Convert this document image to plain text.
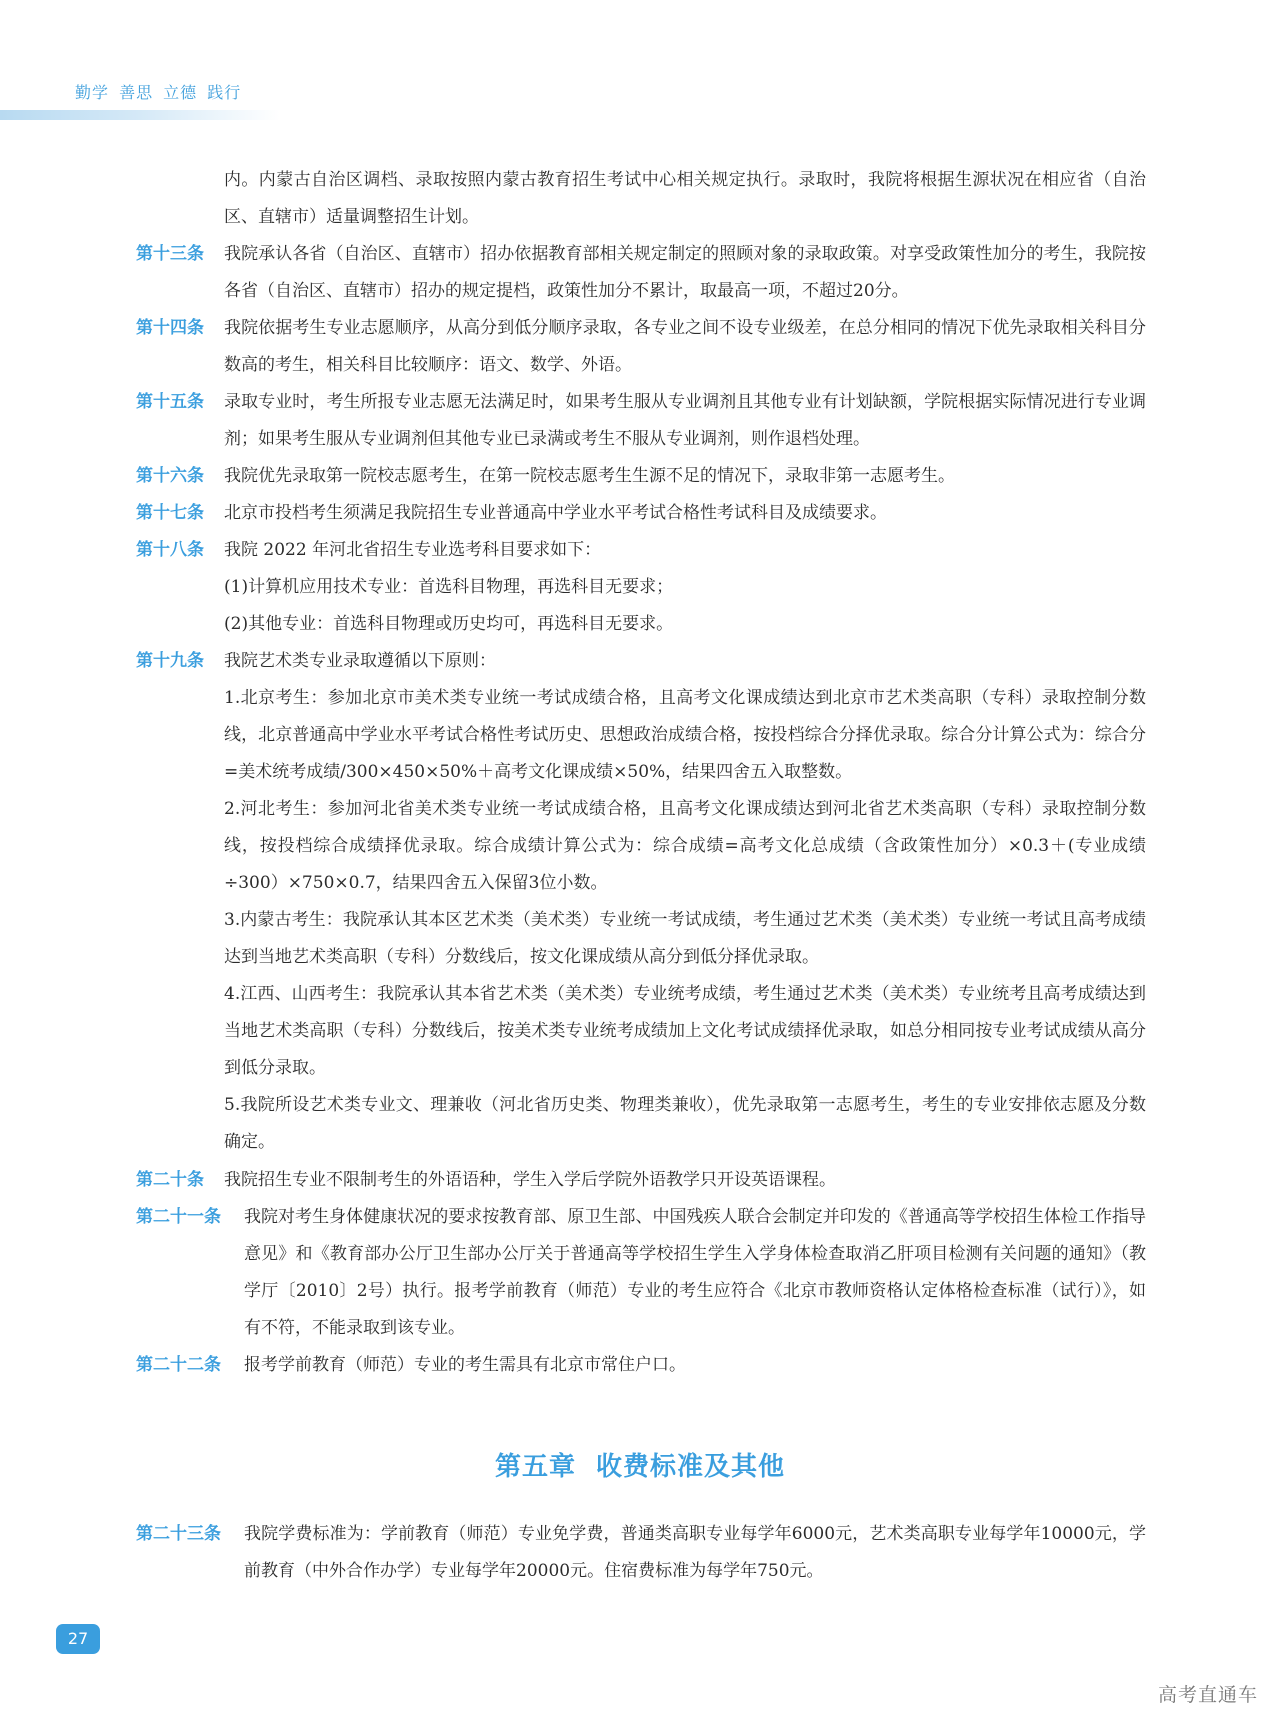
勤学 善思 立德 践行
内。内蒙古自治区调档、录取按照内蒙古教育招生考试中心相关规定执行。录取时，我院将根据生源状况在相应省（自治区、直辖市）适量调整招生计划。
第十三条 我院承认各省（自治区、直辖市）招办依据教育部相关规定制定的照顾对象的录取政策。对享受政策性加分的考生，我院按各省（自治区、直辖市）招办的规定提档，政策性加分不累计，取最高一项，不超过20分。
第十四条 我院依据考生专业志愿顺序，从高分到低分顺序录取，各专业之间不设专业级差，在总分相同的情况下优先录取相关科目分数高的考生，相关科目比较顺序：语文、数学、外语。
第十五条 录取专业时，考生所报专业志愿无法满足时，如果考生服从专业调剂且其他专业有计划缺额，学院根据实际情况进行专业调剂；如果考生服从专业调剂但其他专业已录满或考生不服从专业调剂，则作退档处理。
第十六条 我院优先录取第一院校志愿考生，在第一院校志愿考生生源不足的情况下，录取非第一志愿考生。
第十七条 北京市投档考生须满足我院招生专业普通高中学业水平考试合格性考试科目及成绩要求。
第十八条 我院 2022 年河北省招生专业选考科目要求如下：
(1)计算机应用技术专业：首选科目物理，再选科目无要求；
(2)其他专业：首选科目物理或历史均可，再选科目无要求。
第十九条 我院艺术类专业录取遵循以下原则：
1.北京考生：参加北京市美术类专业统一考试成绩合格，且高考文化课成绩达到北京市艺术类高职（专科）录取控制分数线，北京普通高中学业水平考试合格性考试历史、思想政治成绩合格，按投档综合分择优录取。综合分计算公式为：综合分=美术统考成绩/300×450×50%＋高考文化课成绩×50%，结果四舍五入取整数。
2.河北考生：参加河北省美术类专业统一考试成绩合格，且高考文化课成绩达到河北省艺术类高职（专科）录取控制分数线，按投档综合成绩择优录取。综合成绩计算公式为：综合成绩=高考文化总成绩（含政策性加分）×0.3＋(专业成绩÷300）×750×0.7，结果四舍五入保留3位小数。
3.内蒙古考生：我院承认其本区艺术类（美术类）专业统一考试成绩，考生通过艺术类（美术类）专业统一考试且高考成绩达到当地艺术类高职（专科）分数线后，按文化课成绩从高分到低分择优录取。
4.江西、山西考生：我院承认其本省艺术类（美术类）专业统考成绩，考生通过艺术类（美术类）专业统考且高考成绩达到当地艺术类高职（专科）分数线后，按美术类专业统考成绩加上文化考试成绩择优录取，如总分相同按专业考试成绩从高分到低分录取。
5.我院所设艺术类专业文、理兼收（河北省历史类、物理类兼收），优先录取第一志愿考生，考生的专业安排依志愿及分数确定。
第二十条 我院招生专业不限制考生的外语语种，学生入学后学院外语教学只开设英语课程。
第二十一条 我院对考生身体健康状况的要求按教育部、原卫生部、中国残疾人联合会制定并印发的《普通高等学校招生体检工作指导意见》和《教育部办公厅卫生部办公厅关于普通高等学校招生学生入学身体检查取消乙肝项目检测有关问题的通知》（教学厅〔2010〕2号）执行。报考学前教育（师范）专业的考生应符合《北京市教师资格认定体格检查标准（试行）》，如有不符，不能录取到该专业。
第二十二条 报考学前教育（师范）专业的考生需具有北京市常住户口。
第五章 收费标准及其他
第二十三条 我院学费标准为：学前教育（师范）专业免学费，普通类高职专业每学年6000元，艺术类高职专业每学年10000元，学前教育（中外合作办学）专业每学年20000元。住宿费标准为每学年750元。
27
高考直通车
